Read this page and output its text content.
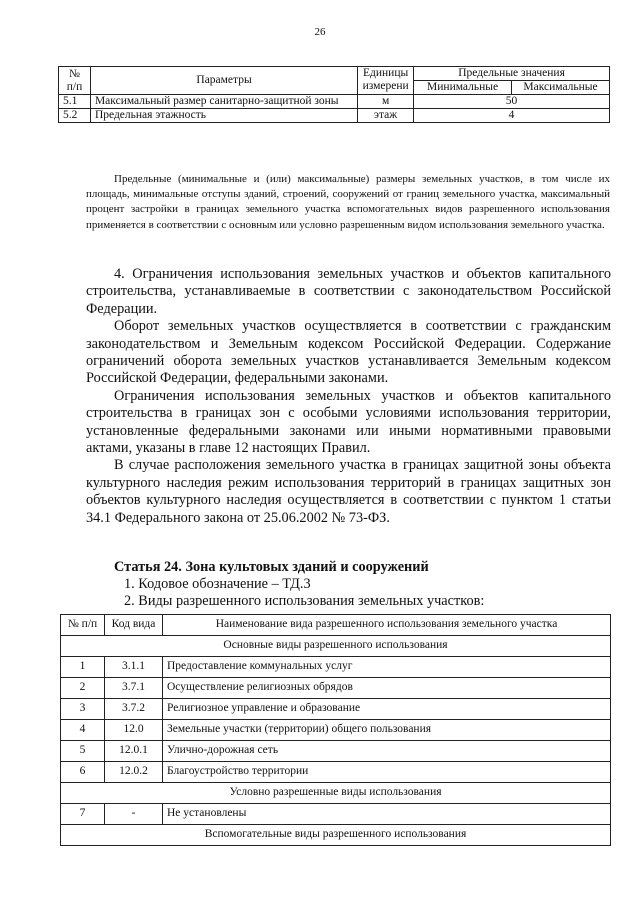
26
№ п/п	Параметры	Единицы измерени	Предельные значения	
			Минимальные	Максимальные
5.1	Максимальный размер санитарно-защитной зоны	м	50	
5.2	Предельная этажность	этаж	4	

Предельные (минимальные и (или) максимальные) размеры земельных участков, в том числе их площадь, минимальные отступы зданий, строений, сооружений от границ земельного участка, максимальный процент застройки в границах земельного участка вспомогательных видов разрешенного использования применяется в соответствии с основным или условно разрешенным видом использования земельного участка.

4. Ограничения использования земельных участков и объектов капитального строительства, устанавливаемые в соответствии с законодательством Российской Федерации.

Оборот земельных участков осуществляется в соответствии с гражданским законодательством и Земельным кодексом Российской Федерации. Содержание ограничений оборота земельных участков устанавливается Земельным кодексом Российской Федерации, федеральными законами.

Ограничения использования земельных участков и объектов капитального строительства в границах зон с особыми условиями использования территории, установленные федеральными законами или иными нормативными правовыми актами, указаны в главе 12 настоящих Правил.

В случае расположения земельного участка в границах защитной зоны объекта культурного наследия режим использования территорий в границах защитных зон объектов культурного наследия осуществляется в соответствии с пунктом 1 статьи 34.1 Федерального закона от 25.06.2002 № 73-ФЗ.

Статья 24. Зона культовых зданий и сооружений
1. Кодовое обозначение – ТД.3
2. Виды разрешенного использования земельных участков:
№ п/п	Код вида	Наименование вида разрешенного использования земельного участка
Основные виды разрешенного использования		
1	3.1.1	Предоставление коммунальных услуг
2	3.7.1	Осуществление религиозных обрядов
3	3.7.2	Религиозное управление и образование
4	12.0	Земельные участки (территории) общего пользования
5	12.0.1	Улично-дорожная сеть
6	12.0.2	Благоустройство территории
Условно разрешенные виды использования		
7	-	Не установлены
Вспомогательные виды разрешенного использования		
